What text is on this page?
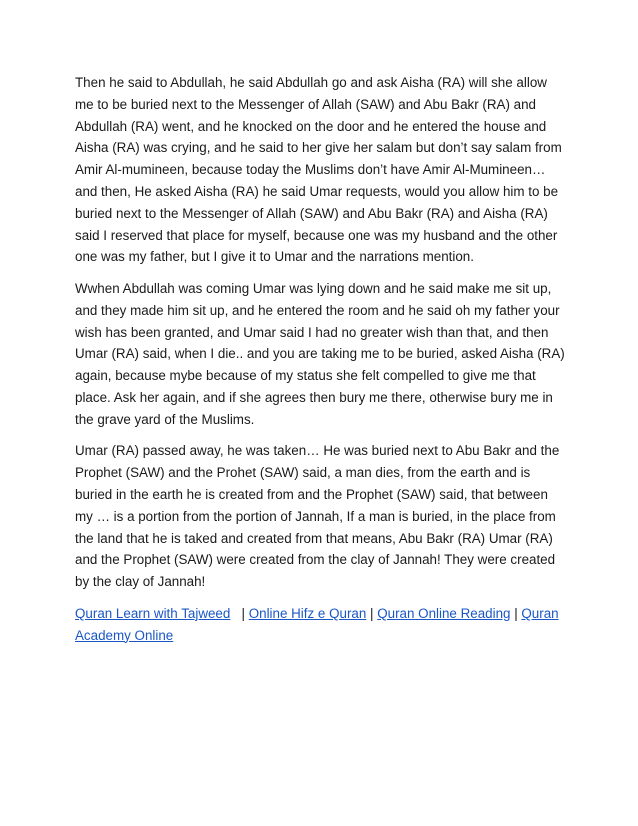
Then he said to Abdullah, he said Abdullah go and ask Aisha (RA) will she allow me to be buried next to the Messenger of Allah (SAW) and Abu Bakr (RA) and Abdullah (RA) went, and he knocked on the door and he entered the house and Aisha (RA) was crying, and he said to her give her salam but don’t say salam from Amir Al-mumineen, because today the Muslims don’t have Amir Al-Mumineen… and then, He asked Aisha (RA) he said Umar requests, would you allow him to be buried next to the Messenger of Allah (SAW) and Abu Bakr (RA) and Aisha (RA) said I reserved that place for myself, because one was my husband and the other one was my father, but I give it to Umar and the narrations mention.

Wwhen Abdullah was coming Umar was lying down and he said make me sit up, and they made him sit up, and he entered the room and he said oh my father your wish has been granted, and Umar said I had no greater wish than that, and then Umar (RA) said, when I die.. and you are taking me to be buried, asked Aisha (RA) again, because mybe because of my status she felt compelled to give me that place. Ask her again, and if she agrees then bury me there, otherwise bury me in the grave yard of the Muslims.

Umar (RA) passed away, he was taken… He was buried next to Abu Bakr and the Prophet (SAW) and the Prohet (SAW) said, a man dies, from the earth and is buried in the earth he is created from and the Prophet (SAW) said, that between my … is a portion from the portion of Jannah, If a man is buried, in the place from the land that he is taked and created from that means, Abu Bakr (RA) Umar (RA) and the Prophet (SAW) were created from the clay of Jannah! They were created by the clay of Jannah!

Quran Learn with Tajweed   | Online Hifz e Quran | Quran Online Reading | Quran Academy Online
